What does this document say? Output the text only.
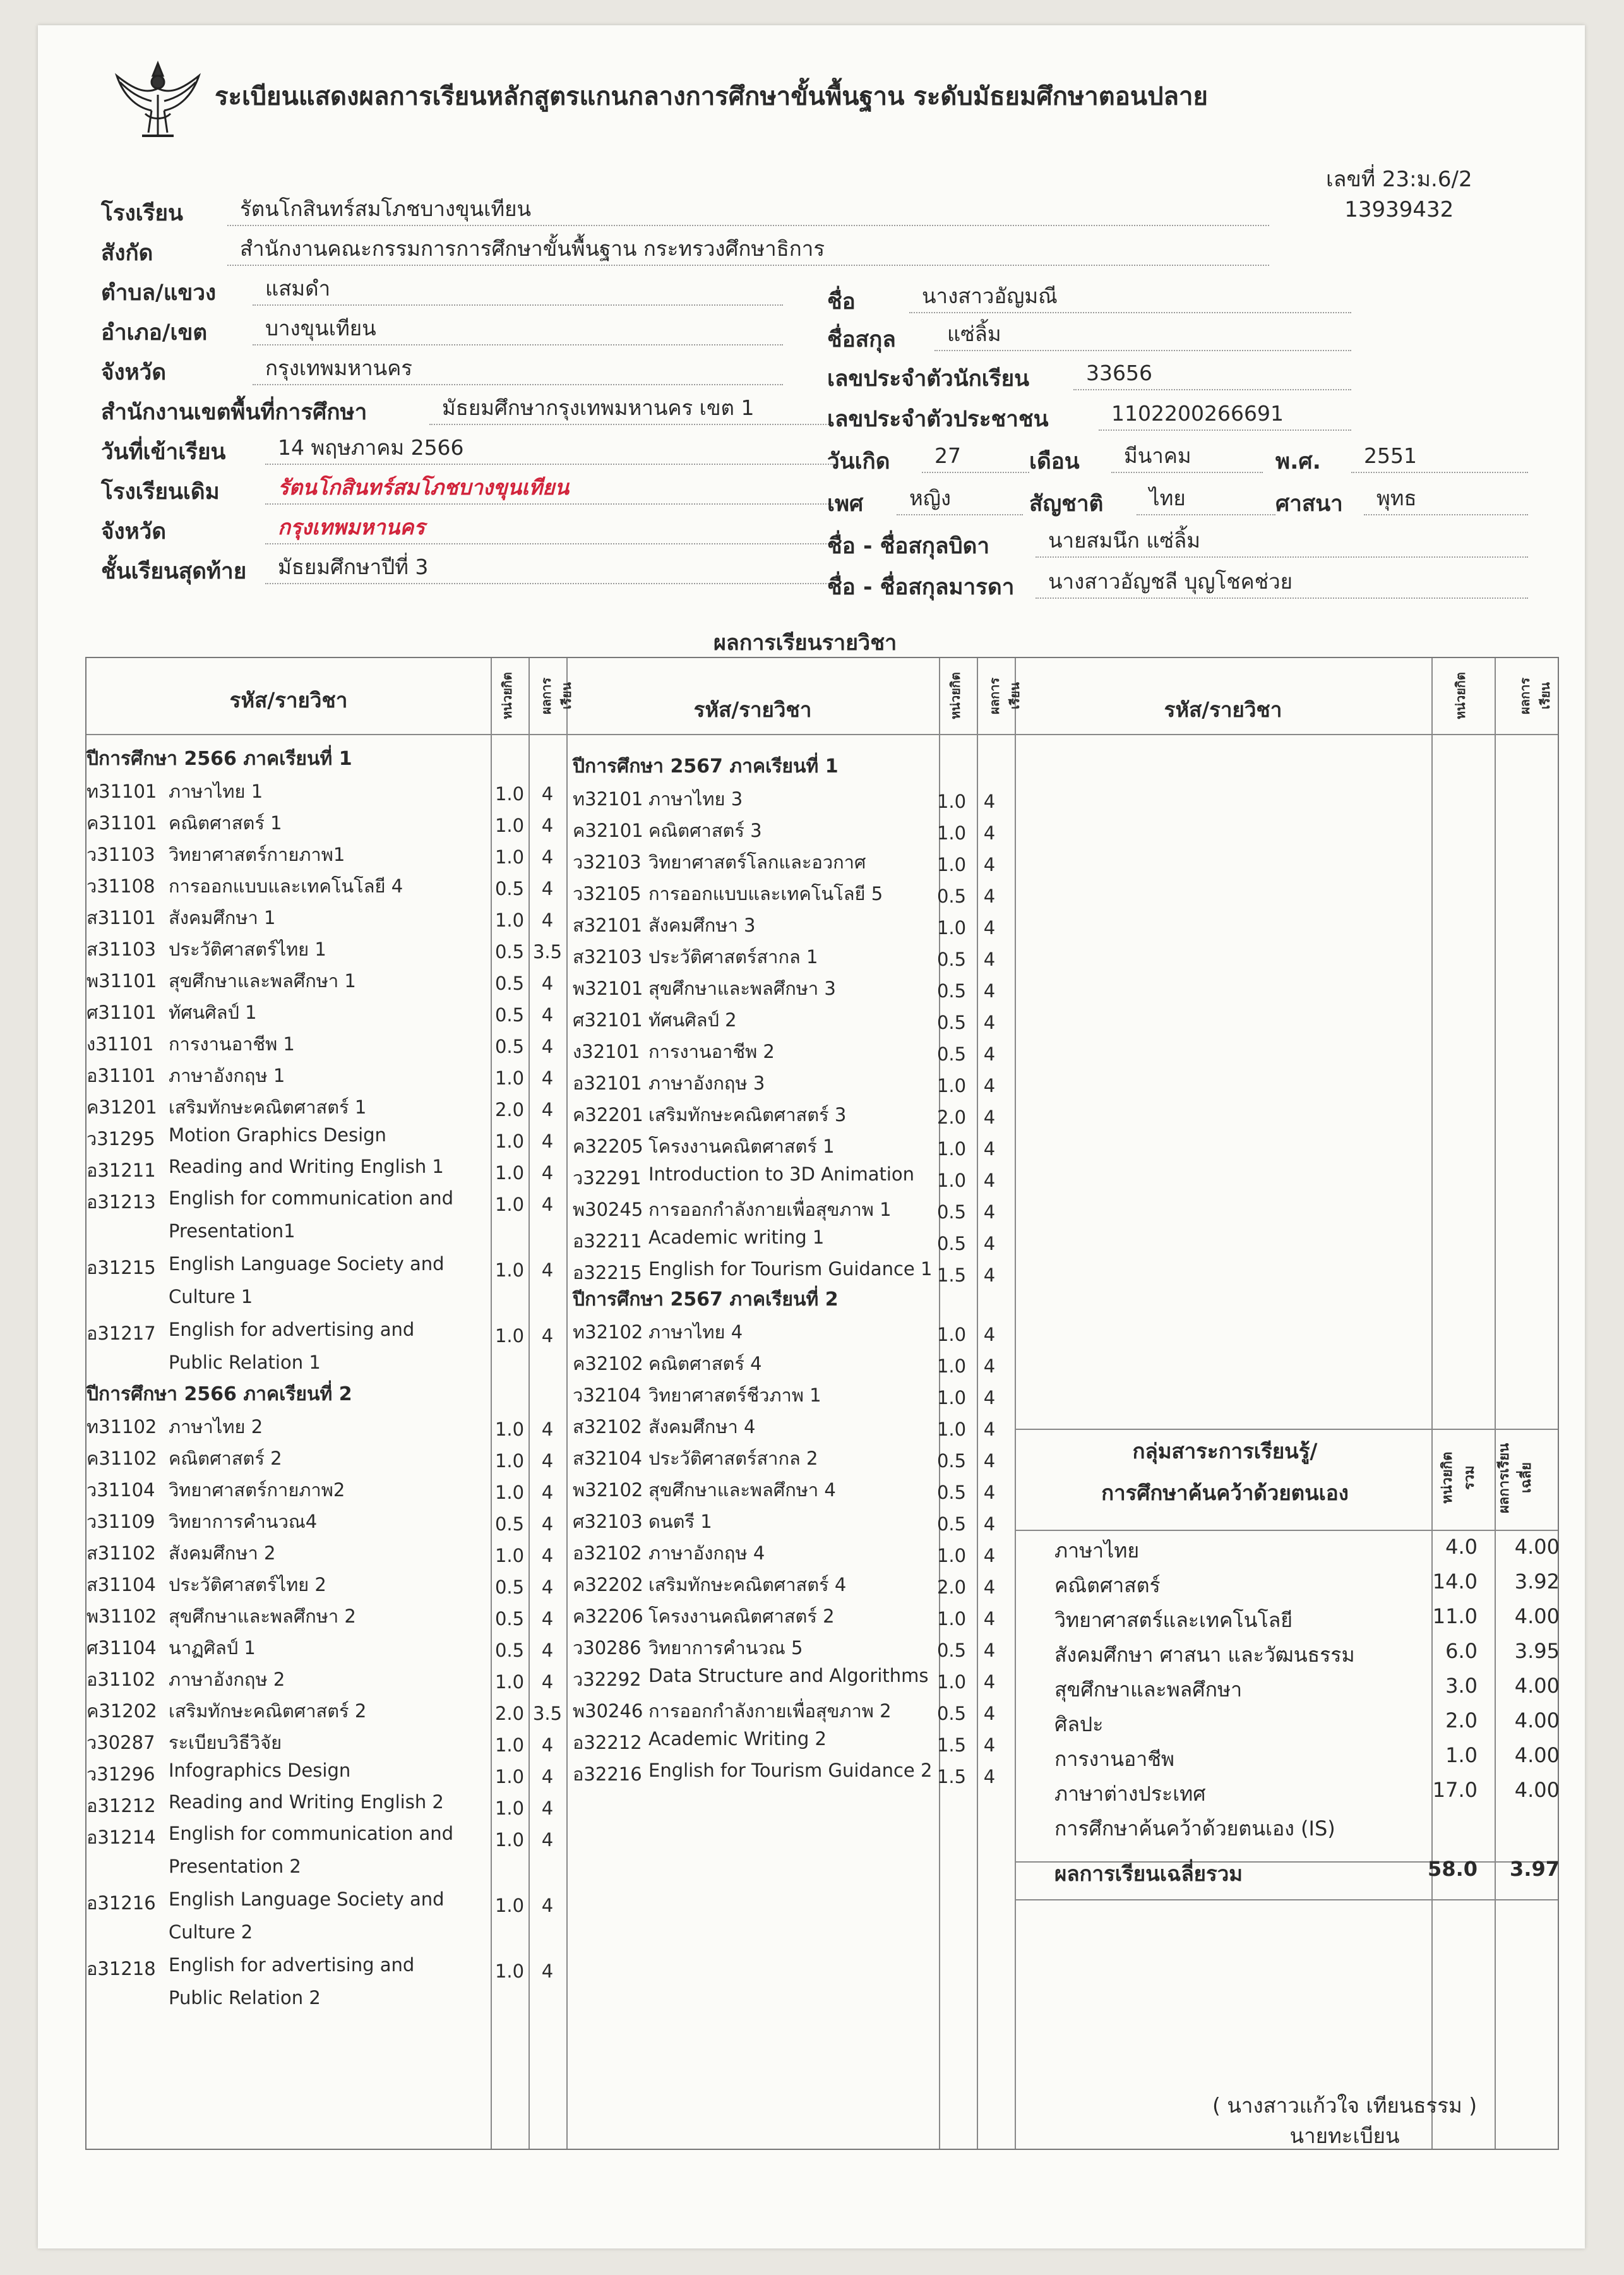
ระเบียนแสดงผลการเรียนหลักสูตรแกนกลางการศึกษาขั้นพื้นฐาน ระดับมัธยมศึกษาตอนปลาย
เลขที่ 23:ม.6/2
13939432
โรงเรียน	รัตนโกสินทร์สมโภชบางขุนเทียน
สังกัด	สำนักงานคณะกรรมการการศึกษาขั้นพื้นฐาน กระทรวงศึกษาธิการ
ตำบล/แขวง	แสมดำ
อำเภอ/เขต	บางขุนเทียน
จังหวัด	กรุงเทพมหานคร
สำนักงานเขตพื้นที่การศึกษา	มัธยมศึกษากรุงเทพมหานคร เขต 1
วันที่เข้าเรียน	14 พฤษภาคม 2566
โรงเรียนเดิม	รัตนโกสินทร์สมโภชบางขุนเทียน
จังหวัด	กรุงเทพมหานคร
ชั้นเรียนสุดท้าย	มัธยมศึกษาปีที่ 3
ชื่อ	นางสาวอัญมณี
ชื่อสกุล	แซ่ลิ้ม
เลขประจำตัวนักเรียน	33656
เลขประจำตัวประชาชน	1102200266691
วันเกิด	27	เดือน	มีนาคม	พ.ศ.	2551
เพศ	หญิง	สัญชาติ	ไทย	ศาสนา	พุทธ
ชื่อ - ชื่อสกุลบิดา	นายสมนึก แซ่ลิ้ม
ชื่อ - ชื่อสกุลมารดา	นางสาวอัญชลี บุญโชคช่วย
ผลการเรียนรายวิชา
รหัส/รายวิชา	หน่วยกิต ผลการเรียน
รหัส/รายวิชา	หน่วยกิต ผลการเรียน
รหัส/รายวิชา	หน่วยกิต	ผลการเรียน
ปีการศึกษา 2566 ภาคเรียนที่ 1
ท31101 ภาษาไทย 1	1.0 4
ค31101 คณิตศาสตร์ 1	1.0 4
ว31103 วิทยาศาสตร์กายภาพ1	1.0 4
ว31108 การออกแบบและเทคโนโลยี 4	0.5 4
ส31101 สังคมศึกษา 1	1.0 4
ส31103 ประวัติศาสตร์ไทย 1	0.5 3.5
พ31101 สุขศึกษาและพลศึกษา 1	0.5 4
ศ31101 ทัศนศิลป์ 1	0.5 4
ง31101 การงานอาชีพ 1	0.5 4
อ31101 ภาษาอังกฤษ 1	1.0 4
ค31201 เสริมทักษะคณิตศาสตร์ 1	2.0 4
ว31295 Motion Graphics Design	1.0 4
อ31211 Reading and Writing English 1	1.0 4
อ31213 English for communication and
Presentation1
1.0 4
อ31215 English Language Society and
Culture 1
1.0 4
อ31217 English for advertising and
Public Relation 1
1.0 4
ปีการศึกษา 2566 ภาคเรียนที่ 2
ท31102 ภาษาไทย 2	1.0 4
ค31102 คณิตศาสตร์ 2	1.0 4
ว31104 วิทยาศาสตร์กายภาพ2	1.0 4
ว31109 วิทยาการคำนวณ4	0.5 4
ส31102 สังคมศึกษา 2	1.0 4
ส31104 ประวัติศาสตร์ไทย 2	0.5 4
พ31102 สุขศึกษาและพลศึกษา 2	0.5 4
ศ31104 นาฏศิลป์ 1	0.5 4
อ31102 ภาษาอังกฤษ 2	1.0 4
ค31202 เสริมทักษะคณิตศาสตร์ 2	2.0 3.5
ว30287 ระเบียบวิธีวิจัย	1.0 4
ว31296 Infographics Design	1.0 4
อ31212 Reading and Writing English 2	1.0 4
อ31214 English for communication and
Presentation 2
1.0 4
อ31216 English Language Society and
Culture 2
1.0 4
อ31218 English for advertising and
Public Relation 2
1.0 4
ปีการศึกษา 2567 ภาคเรียนที่ 1
ท32101 ภาษาไทย 3	1.0 4
ค32101 คณิตศาสตร์ 3	1.0 4
ว32103 วิทยาศาสตร์โลกและอวกาศ	1.0 4
ว32105 การออกแบบและเทคโนโลยี 5	0.5 4
ส32101 สังคมศึกษา 3	1.0 4
ส32103 ประวัติศาสตร์สากล 1	0.5 4
พ32101 สุขศึกษาและพลศึกษา 3	0.5 4
ศ32101 ทัศนศิลป์ 2	0.5 4
ง32101 การงานอาชีพ 2	0.5 4
อ32101 ภาษาอังกฤษ 3	1.0 4
ค32201 เสริมทักษะคณิตศาสตร์ 3	2.0 4
ค32205 โครงงานคณิตศาสตร์ 1	1.0 4
ว32291 Introduction to 3D Animation 1.0 4
พ30245 การออกกำลังกายเพื่อสุขภาพ 1 0.5 4
อ32211 Academic writing 1	0.5 4
อ32215 English for Tourism Guidance 1 1.5 4
ปีการศึกษา 2567 ภาคเรียนที่ 2
ท32102 ภาษาไทย 4	1.0 4
ค32102 คณิตศาสตร์ 4	1.0 4
ว32104 วิทยาศาสตร์ชีวภาพ 1	1.0 4
ส32102 สังคมศึกษา 4	1.0 4
ส32104 ประวัติศาสตร์สากล 2	0.5 4
พ32102 สุขศึกษาและพลศึกษา 4	0.5 4
ศ32103 ดนตรี 1	0.5 4
อ32102 ภาษาอังกฤษ 4	1.0 4
ค32202 เสริมทักษะคณิตศาสตร์ 4	2.0 4
ค32206 โครงงานคณิตศาสตร์ 2	1.0 4
ว30286 วิทยาการคำนวณ 5	0.5 4
ว32292 Data Structure and Algorithms 1.0 4
พ30246 การออกกำลังกายเพื่อสุขภาพ 2 0.5 4
อ32212 Academic Writing 2	1.5 4
อ32216 English for Tourism Guidance 2 1.5 4
กลุ่มสาระการเรียนรู้/
การศึกษาค้นคว้าด้วยตนเอง	หน่วยกิตรวม ผลการเรียนเฉลี่ย
ภาษาไทย	4.0	4.00
คณิตศาสตร์	14.0	3.92
วิทยาศาสตร์และเทคโนโลยี	11.0	4.00
สังคมศึกษา ศาสนา และวัฒนธรรม	6.0	3.95
สุขศึกษาและพลศึกษา	3.0	4.00
ศิลปะ	2.0	4.00
การงานอาชีพ	1.0	4.00
ภาษาต่างประเทศ	17.0	4.00
การศึกษาค้นคว้าด้วยตนเอง (IS)
ผลการเรียนเฉลี่ยรวม	58.0	3.97
( นางสาวแก้วใจ เทียนธรรม )
นายทะเบียน
